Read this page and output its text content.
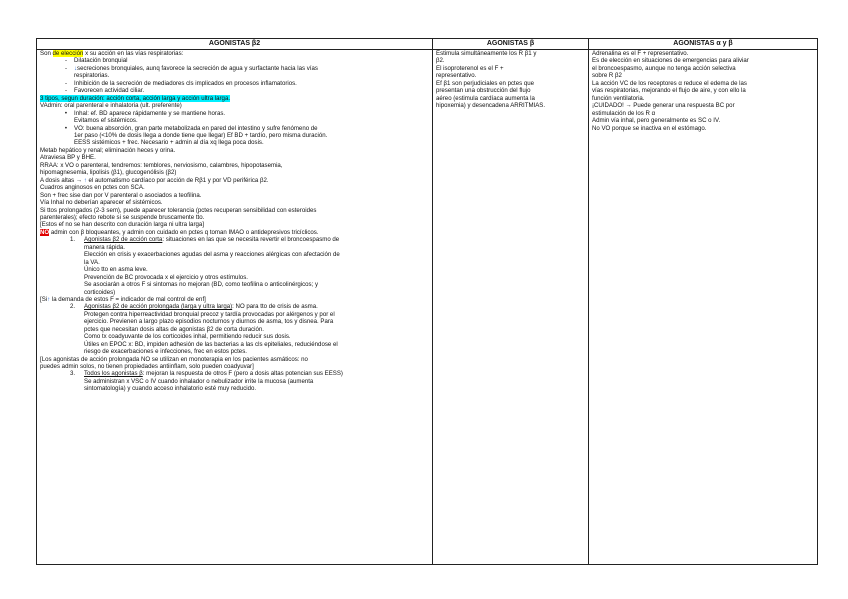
AGONISTAS β2
Son de elección x su acción en las vías respiratorias:
- Dilatación bronquial
- ↓secreciones bronquiales, aunq favorece la secreción de agua y surfactante hacia las vías
respiratorias.
- Inhibición de la secreción de mediadores cls implicados en procesos inflamatorios.
- Favorecen actividad ciliar.
3 tipos, segun duración: acción corta, acción larga y acción ultra larga.
VAdmin: oral parenteral e inhalatoria (ult. preferente)
• Inhal: ef. BD aparece rápidamente y se mantiene horas.
Evitamos ef sistémicos.
• VO: buena absorción, gran parte metabolizada en pared del intestino y sufre fenómeno de
1er paso (<10% de dosis llega a donde tiene que llegar) Ef BD + tardío, pero misma duración.
EESS sistémicos + frec. Necesario + admin al día xq llega poca dosis.
Metab hepático y renal; eliminación heces y orina.
Atraviesa BP y BHE.
RRAA: x VO o parenteral, tendremos: temblores, nerviosismo, calambres, hipopotasemia,
hipomagnesemia, lipolisis (β1), glucogenólisis (β2)
A dosis altas → ↑ el automatismo cardíaco por acción de Rβ1 y por VD periférica β2.
Cuadros anginosos en pctes con SCA.
Son + frec sise dan por V parenteral o asociados a teofilina.
Vía Inhal no deberían aparecer ef sistémicos.
Si ttos prolongados (2-3 sem), puede aparecer tolerancia (pctes recuperan sensibilidad con esteroides
parenterales); efecto rebote si se suspende bruscamente tto.
[Estos ef no se han descrito con duración larga ni ultra larga]
NO admin con β bloqueantes, y admin con cuidado en pctes q toman IMAO o antidepresivos tricíclicos.
1. Agonistas β2 de acción corta: situaciones en las que se necesita revertir el broncoespasmo de
manera rápida.
Elección en crisis y exacerbaciones agudas del asma y reacciones alérgicas con afectación de
la VA.
Único tto en asma leve.
Prevención de BC provocada x el ejercicio y otros estímulos.
Se asociarán a otros F si sintomas no mejoran (BD, como teofilina o anticolinérgicos; y
corticoides)
[Si↑ la demanda de estos F = indicador de mal control de enf]
2. Agonistas β2 de acción prolongada (larga y ultra larga): NO para tto de crisis de asma.
Protegen contra hiperreactividad bronquial precoz y tardía provocadas por alérgenos y por el
ejercicio. Previenen a largo plazo episodios nocturnos y diurnos de asma, tos y disnea. Para
pctes que necesitan dosis altas de agonistas β2 de corta duración.
Como tx coadyuvante de los corticoides inhal, permitiendo reducir sus dosis.
Útiles en EPOC x: BD, impiden adhesión de las bacterias a las cls epiteliales, reduciéndose el
riesgo de exacerbaciones e infecciones, frec en estos pctes.
[Los agonistas de acción prolongada NO se utilizan en monoterapia en los pacientes asmáticos: no
puedes admin solos, no tienen propiedades antiinflam, solo pueden coadyuvar]
3. Todos los agonistas β: mejoran la respuesta de otros F (pero a dosis altas potencian sus EESS)
Se administran x VSC o IV cuando inhalador o nebulizador irrite la mucosa (aumenta
sintomatología) y cuando acceso inhalatorio esté muy reducido.
AGONISTAS β
Estimula simultáneamente los R β1 y
β2.
El isoproterenol es el F +
representativo.
Ef β1 son perjudiciales en pctes que
presentan una obstrucción del flujo
aéreo (estimula cardíaca aumenta la
hipoxemia) y desencadena ARRITMIAS.
AGONISTAS α y β
Adrenalina es el F + representativo.
Es de elección en situaciones de emergencias para aliviar
el broncoespasmo, aunque no tenga acción selectiva
sobre R β2
La acción VC de los receptores α reduce el edema de las
vías respiratorias, mejorando el flujo de aire, y con ello la
función ventilatoria.
¡CUIDADO! → Puede generar una respuesta BC por
estimulación de los R α
Admin vía inhal, pero generalmente es SC o IV.
No VO porque se inactiva en el estómago.
